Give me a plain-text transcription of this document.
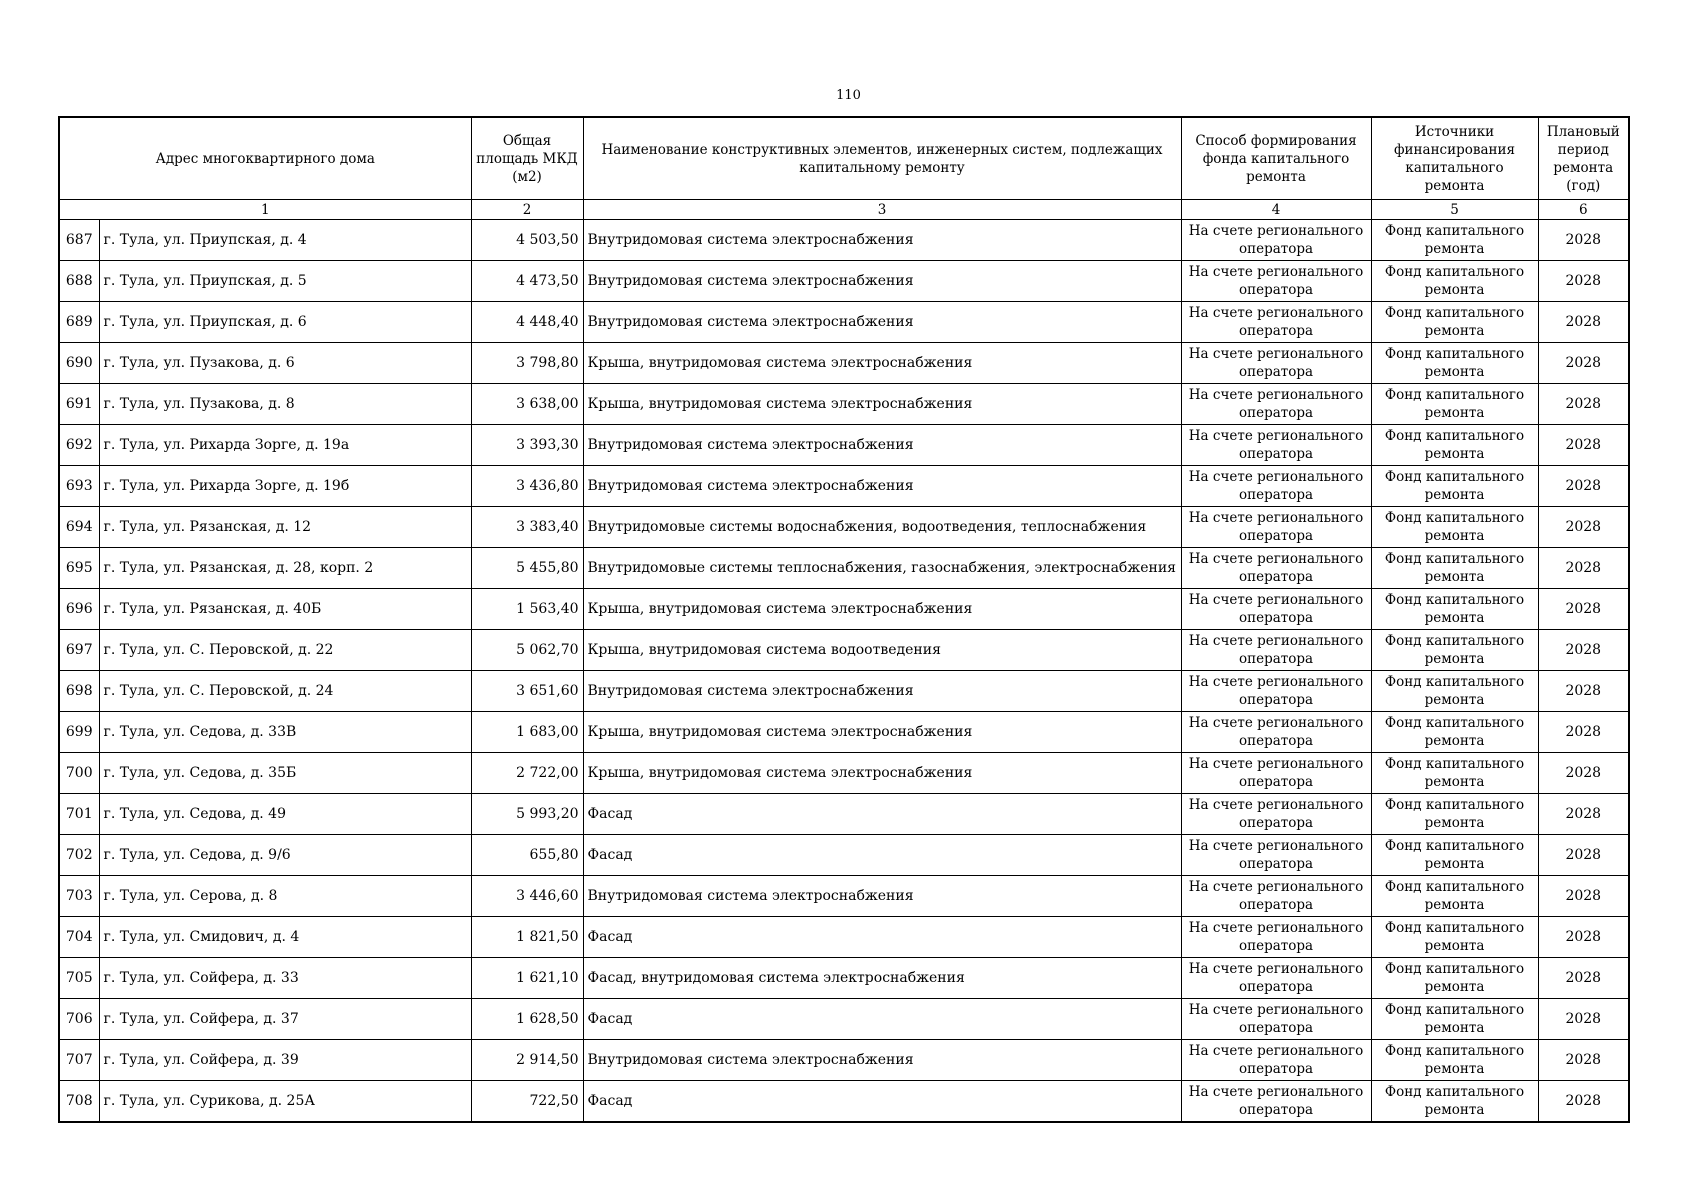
110
Адрес многоквартирного дома		Общая площадь МКД (м2)	Наименование конструктивных элементов, инженерных систем, подлежащих капитальному ремонту	Способ формирования фонда капитального ремонта	Источники финансирования капитального ремонта	Плановый период ремонта (год)
1		2	3	4	5	6
687	г. Тула, ул. Приупская, д. 4	4 503,50	Внутридомовая система электроснабжения	На счете регионального оператора	Фонд капитального ремонта	2028
688	г. Тула, ул. Приупская, д. 5	4 473,50	Внутридомовая система электроснабжения	На счете регионального оператора	Фонд капитального ремонта	2028
689	г. Тула, ул. Приупская, д. 6	4 448,40	Внутридомовая система электроснабжения	На счете регионального оператора	Фонд капитального ремонта	2028
690	г. Тула, ул. Пузакова, д. 6	3 798,80	Крыша, внутридомовая система электроснабжения	На счете регионального оператора	Фонд капитального ремонта	2028
691	г. Тула, ул. Пузакова, д. 8	3 638,00	Крыша, внутридомовая система электроснабжения	На счете регионального оператора	Фонд капитального ремонта	2028
692	г. Тула, ул. Рихарда Зорге, д. 19а	3 393,30	Внутридомовая система электроснабжения	На счете регионального оператора	Фонд капитального ремонта	2028
693	г. Тула, ул. Рихарда Зорге, д. 19б	3 436,80	Внутридомовая система электроснабжения	На счете регионального оператора	Фонд капитального ремонта	2028
694	г. Тула, ул. Рязанская, д. 12	3 383,40	Внутридомовые системы водоснабжения, водоотведения, теплоснабжения	На счете регионального оператора	Фонд капитального ремонта	2028
695	г. Тула, ул. Рязанская, д. 28, корп. 2	5 455,80	Внутридомовые системы теплоснабжения, газоснабжения, электроснабжения	На счете регионального оператора	Фонд капитального ремонта	2028
696	г. Тула, ул. Рязанская, д. 40Б	1 563,40	Крыша, внутридомовая система электроснабжения	На счете регионального оператора	Фонд капитального ремонта	2028
697	г. Тула, ул. С. Перовской, д. 22	5 062,70	Крыша, внутридомовая система водоотведения	На счете регионального оператора	Фонд капитального ремонта	2028
698	г. Тула, ул. С. Перовской, д. 24	3 651,60	Внутридомовая система электроснабжения	На счете регионального оператора	Фонд капитального ремонта	2028
699	г. Тула, ул. Седова, д. 33В	1 683,00	Крыша, внутридомовая система электроснабжения	На счете регионального оператора	Фонд капитального ремонта	2028
700	г. Тула, ул. Седова, д. 35Б	2 722,00	Крыша, внутридомовая система электроснабжения	На счете регионального оператора	Фонд капитального ремонта	2028
701	г. Тула, ул. Седова, д. 49	5 993,20	Фасад	На счете регионального оператора	Фонд капитального ремонта	2028
702	г. Тула, ул. Седова, д. 9/6	655,80	Фасад	На счете регионального оператора	Фонд капитального ремонта	2028
703	г. Тула, ул. Серова, д. 8	3 446,60	Внутридомовая система электроснабжения	На счете регионального оператора	Фонд капитального ремонта	2028
704	г. Тула, ул. Смидович, д. 4	1 821,50	Фасад	На счете регионального оператора	Фонд капитального ремонта	2028
705	г. Тула, ул. Сойфера, д. 33	1 621,10	Фасад, внутридомовая система электроснабжения	На счете регионального оператора	Фонд капитального ремонта	2028
706	г. Тула, ул. Сойфера, д. 37	1 628,50	Фасад	На счете регионального оператора	Фонд капитального ремонта	2028
707	г. Тула, ул. Сойфера, д. 39	2 914,50	Внутридомовая система электроснабжения	На счете регионального оператора	Фонд капитального ремонта	2028
708	г. Тула, ул. Сурикова, д. 25А	722,50	Фасад	На счете регионального оператора	Фонд капитального ремонта	2028
